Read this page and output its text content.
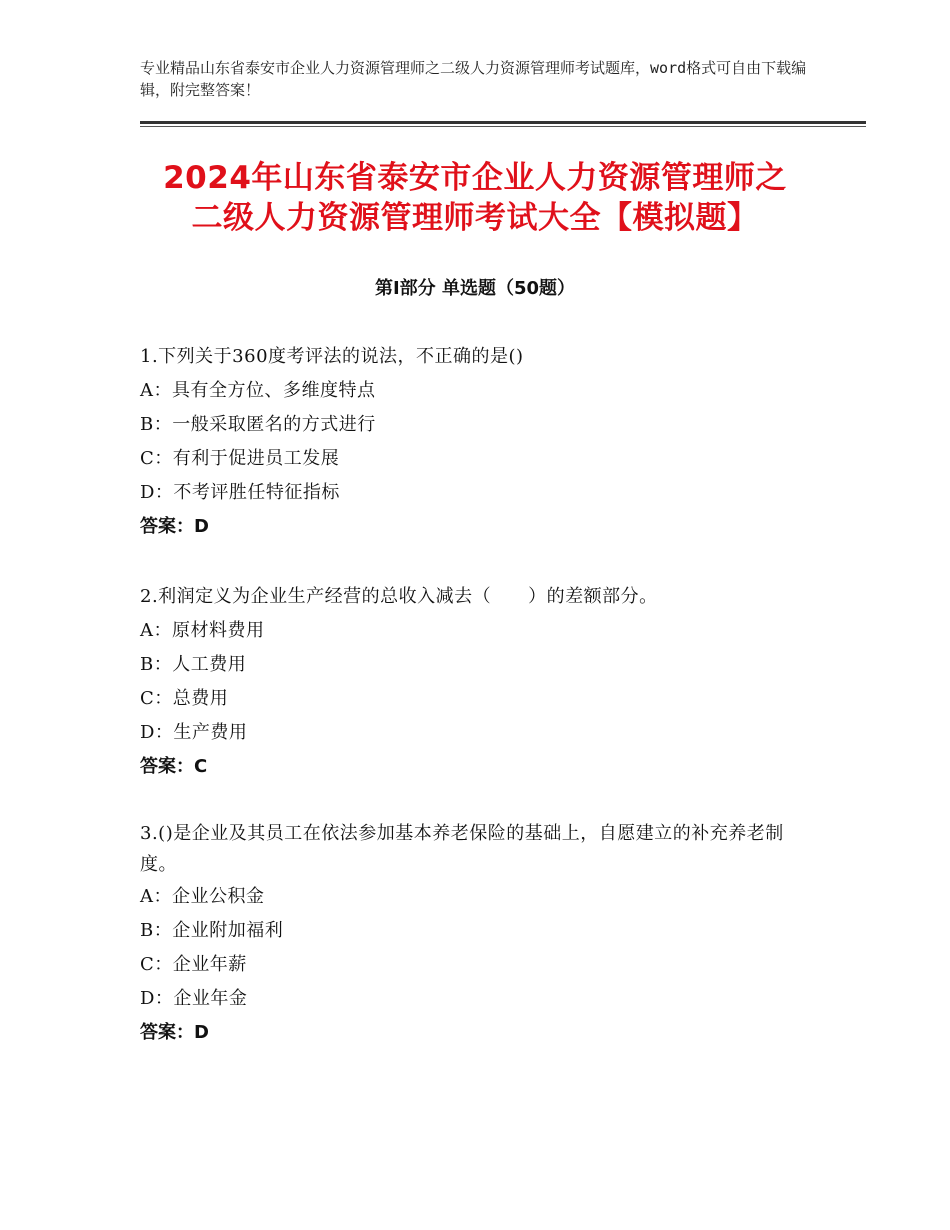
专业精品山东省泰安市企业人力资源管理师之二级人力资源管理师考试题库，word格式可自由下载编辑，附完整答案！
2024年山东省泰安市企业人力资源管理师之
二级人力资源管理师考试大全【模拟题】
第Ⅰ部分 单选题（50题）

1.下列关于360度考评法的说法，不正确的是()

A：具有全方位、多维度特点

B：一般采取匿名的方式进行

C：有利于促进员工发展

D：不考评胜任特征指标

答案：D

2.利润定义为企业生产经营的总收入减去（　　）的差额部分。

A：原材料费用

B：人工费用

C：总费用

D：生产费用

答案：C

3.()是企业及其员工在依法参加基本养老保险的基础上，自愿建立的补充养老制度。

A：企业公积金

B：企业附加福利

C：企业年薪

D：企业年金

答案：D
